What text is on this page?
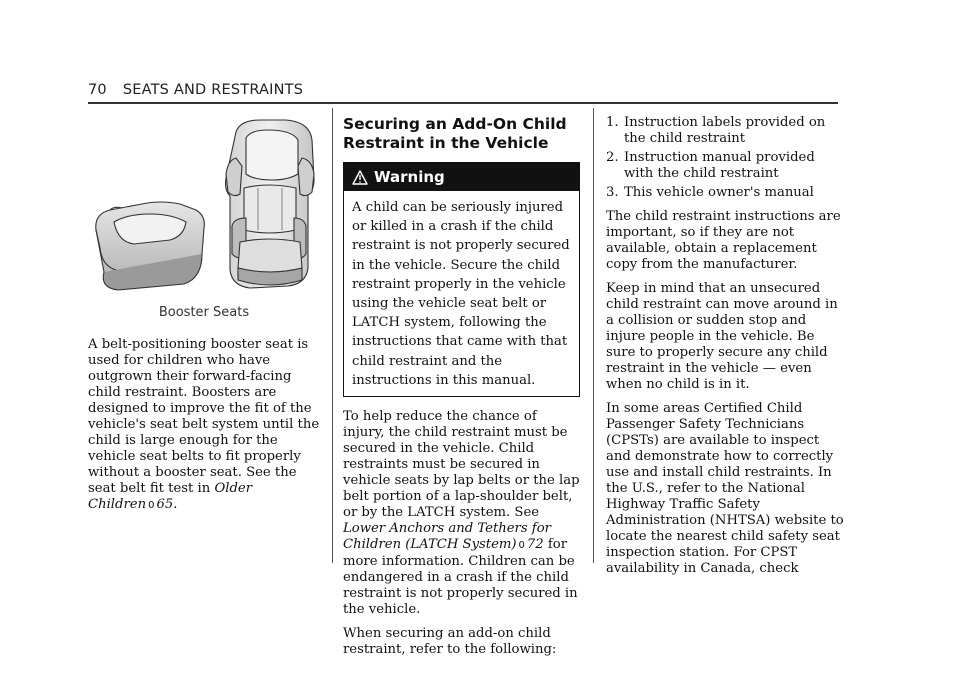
70 SEATS AND RESTRAINTS
Booster Seats

A belt-positioning booster seat is used for children who have outgrown their forward-facing child restraint. Boosters are designed to improve the fit of the vehicle's seat belt system until the child is large enough for the vehicle seat belts to fit properly without a booster seat. See the seat belt fit test in Older Children 0 65.

Securing an Add-On Child Restraint in the Vehicle
Warning
A child can be seriously injured or killed in a crash if the child restraint is not properly secured in the vehicle. Secure the child restraint properly in the vehicle using the vehicle seat belt or LATCH system, following the instructions that came with that child restraint and the instructions in this manual.

To help reduce the chance of injury, the child restraint must be secured in the vehicle. Child restraints must be secured in vehicle seats by lap belts or the lap belt portion of a lap-shoulder belt, or by the LATCH system. See Lower Anchors and Tethers for Children (LATCH System) 0 72 for more information. Children can be endangered in a crash if the child restraint is not properly secured in the vehicle.

When securing an add-on child restraint, refer to the following:

1. Instruction labels provided on the child restraint
2. Instruction manual provided with the child restraint
3. This vehicle owner's manual

The child restraint instructions are important, so if they are not available, obtain a replacement copy from the manufacturer.

Keep in mind that an unsecured child restraint can move around in a collision or sudden stop and injure people in the vehicle. Be sure to properly secure any child restraint in the vehicle — even when no child is in it.

In some areas Certified Child Passenger Safety Technicians (CPSTs) are available to inspect and demonstrate how to correctly use and install child restraints. In the U.S., refer to the National Highway Traffic Safety Administration (NHTSA) website to locate the nearest child safety seat inspection station. For CPST availability in Canada, check
